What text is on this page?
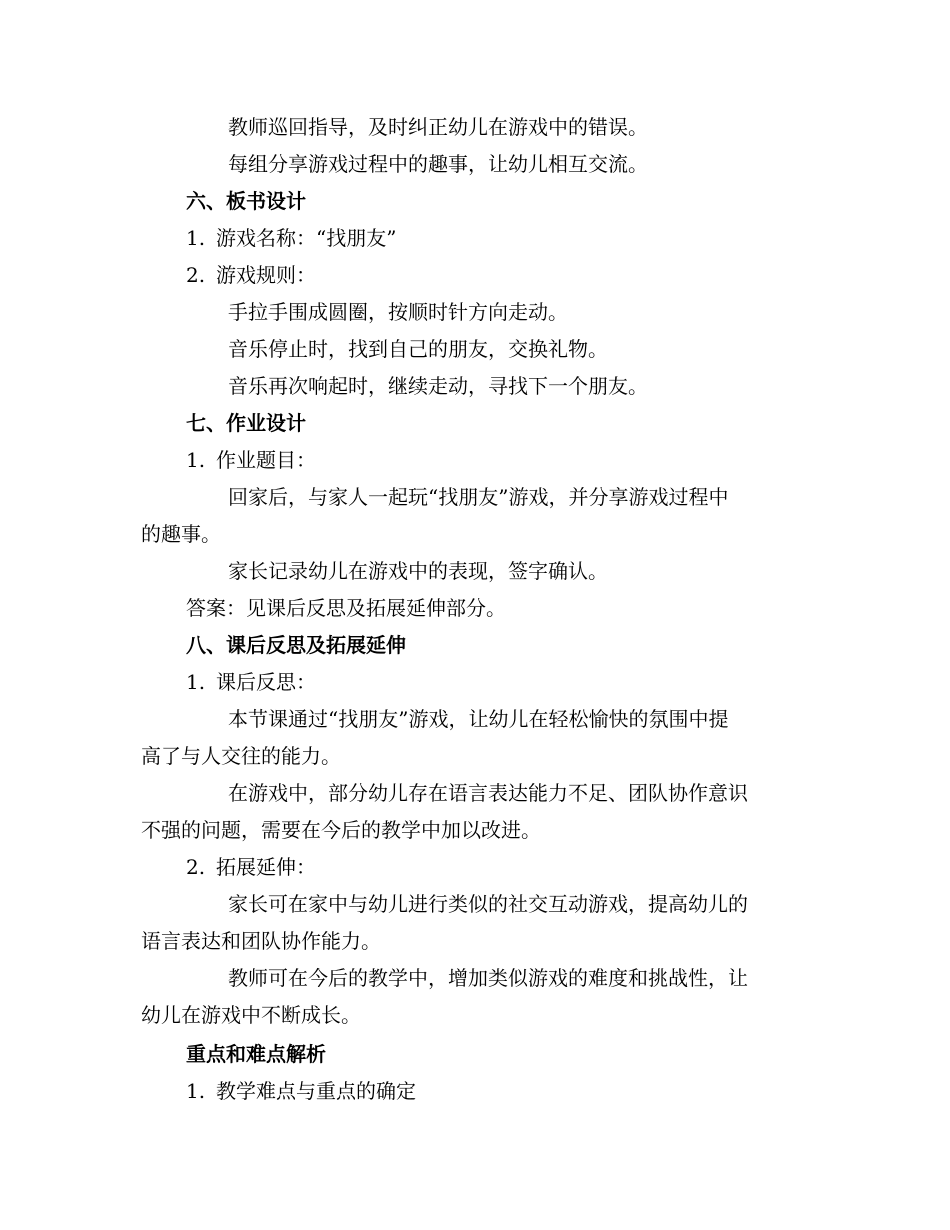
教师巡回指导，及时纠正幼儿在游戏中的错误。
每组分享游戏过程中的趣事，让幼儿相互交流。
六、板书设计
1. 游戏名称：“找朋友”
2. 游戏规则：
手拉手围成圆圈，按顺时针方向走动。
音乐停止时，找到自己的朋友，交换礼物。
音乐再次响起时，继续走动，寻找下一个朋友。
七、作业设计
1. 作业题目：
回家后，与家人一起玩“找朋友”游戏，并分享游戏过程中
的趣事。
家长记录幼儿在游戏中的表现，签字确认。
答案：见课后反思及拓展延伸部分。
八、课后反思及拓展延伸
1. 课后反思：
本节课通过“找朋友”游戏，让幼儿在轻松愉快的氛围中提
高了与人交往的能力。
在游戏中，部分幼儿存在语言表达能力不足、团队协作意识
不强的问题，需要在今后的教学中加以改进。
2. 拓展延伸：
家长可在家中与幼儿进行类似的社交互动游戏，提高幼儿的
语言表达和团队协作能力。
教师可在今后的教学中，增加类似游戏的难度和挑战性，让
幼儿在游戏中不断成长。
重点和难点解析
1. 教学难点与重点的确定
